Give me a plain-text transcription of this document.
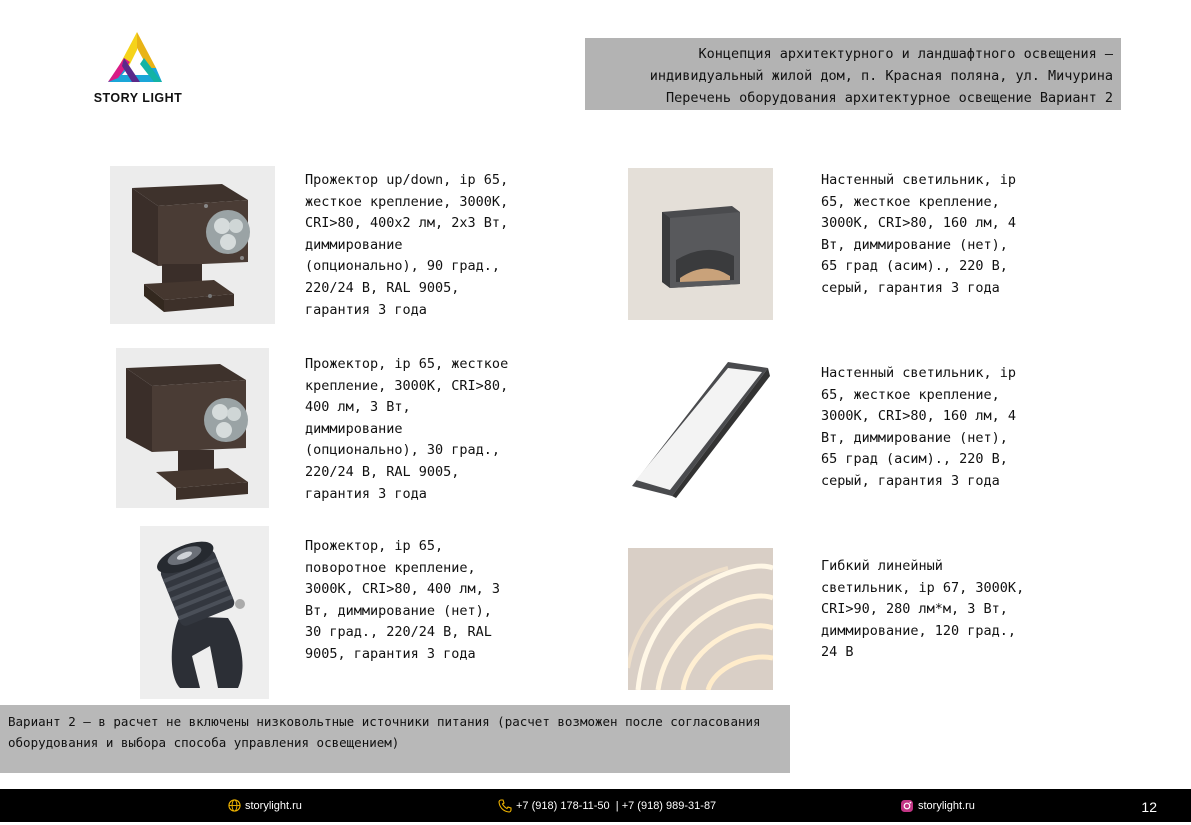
STORY LIGHT
Концепция архитектурного и ландшафтного освещения –
индивидуальный жилой дом, п. Красная поляна, ул. Мичурина
Перечень оборудования архитектурное освещение Вариант 2
Прожектор up/down, ip 65,
жесткое крепление, 3000К,
CRI>80, 400х2 лм, 2х3 Вт,
диммирование
(опционально), 90 град.,
220/24 В, RAL 9005,
гарантия 3 года
Прожектор, ip 65, жесткое
крепление, 3000К, CRI>80,
400 лм, 3 Вт,
диммирование
(опционально), 30 град.,
220/24 В, RAL 9005,
гарантия 3 года
Прожектор, ip 65,
поворотное крепление,
3000К, CRI>80, 400 лм, 3
Вт, диммирование (нет),
30 град., 220/24 В, RAL
9005, гарантия 3 года
Настенный светильник, ip
65, жесткое крепление,
3000К, CRI>80, 160 лм, 4
Вт, диммирование (нет),
65 град (асим)., 220 В,
серый, гарантия 3 года
Настенный светильник, ip
65, жесткое крепление,
3000К, CRI>80, 160 лм, 4
Вт, диммирование (нет),
65 град (асим)., 220 В,
серый, гарантия 3 года
Гибкий линейный
светильник, ip 67, 3000К,
CRI>90, 280 лм*м, 3 Вт,
диммирование, 120 град.,
24 В
Вариант 2 – в расчет не включены низковольтные источники питания (расчет возможен после согласования оборудования и выбора способа управления освещением)
storylight.ru	+7 (918) 178-11-50  | +7 (918) 989-31-87	storylight.ru	12
